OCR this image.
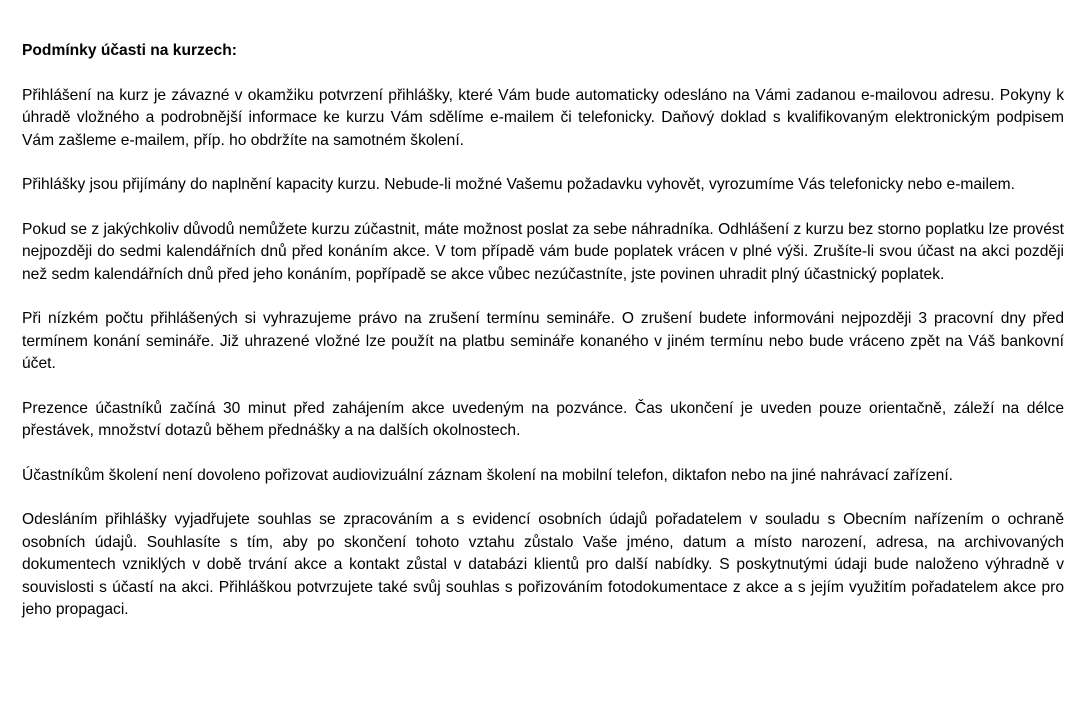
Podmínky účasti na kurzech:

Přihlášení na kurz je závazné v okamžiku potvrzení přihlášky, které Vám bude automaticky odesláno na Vámi zadanou e-mailovou adresu. Pokyny k úhradě vložného a podrobnější informace ke kurzu Vám sdělíme e-mailem či telefonicky. Daňový doklad s kvalifikovaným elektronickým podpisem Vám zašleme e-mailem, příp. ho obdržíte na samotném školení.

Přihlášky jsou přijímány do naplnění kapacity kurzu. Nebude-li možné Vašemu požadavku vyhovět, vyrozumíme Vás telefonicky nebo e-mailem.

Pokud se z jakýchkoliv důvodů nemůžete kurzu zúčastnit, máte možnost poslat za sebe náhradníka. Odhlášení z kurzu bez storno poplatku lze provést nejpozději do sedmi kalendářních dnů před konáním akce. V tom případě vám bude poplatek vrácen v plné výši. Zrušíte-li svou účast na akci později než sedm kalendářních dnů před jeho konáním, popřípadě se akce vůbec nezúčastníte, jste povinen uhradit plný účastnický poplatek.

Při nízkém počtu přihlášených si vyhrazujeme právo na zrušení termínu semináře. O zrušení budete informováni nejpozději 3 pracovní dny před termínem konání semináře. Již uhrazené vložné lze použít na platbu semináře konaného v jiném termínu nebo bude vráceno zpět na Váš bankovní účet.

Prezence účastníků začíná 30 minut před zahájením akce uvedeným na pozvánce. Čas ukončení je uveden pouze orientačně, záleží na délce přestávek, množství dotazů během přednášky a na dalších okolnostech.

Účastníkům školení není dovoleno pořizovat audiovizuální záznam školení na mobilní telefon, diktafon nebo na jiné nahrávací zařízení.

Odesláním přihlášky vyjadřujete souhlas se zpracováním a s evidencí osobních údajů pořadatelem v souladu s Obecním nařízením o ochraně osobních údajů. Souhlasíte s tím, aby po skončení tohoto vztahu zůstalo Vaše jméno, datum a místo narození, adresa, na archivovaných dokumentech vzniklých v době trvání akce a kontakt zůstal v databázi klientů pro další nabídky. S poskytnutými údaji bude naloženo výhradně v souvislosti s účastí na akci. Přihláškou potvrzujete také svůj souhlas s pořizováním fotodokumentace z akce a s jejím využitím pořadatelem akce pro jeho propagaci.
